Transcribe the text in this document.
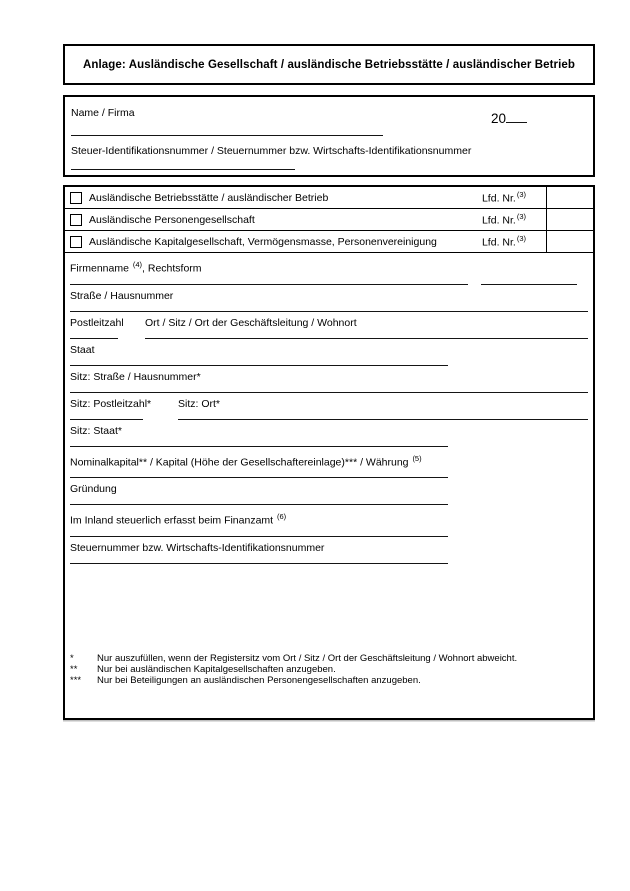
Anlage: Ausländische Gesellschaft / ausländische Betriebsstätte / ausländischer Betrieb
Name / Firma
Steuer-Identifikationsnummer / Steuernummer bzw. Wirtschafts-Identifikationsnummer
20
Ausländische Betriebsstätte / ausländischer Betrieb	Lfd. Nr.$^{(3)}$
Ausländische Personengesellschaft	Lfd. Nr.$^{(3)}$
Ausländische Kapitalgesellschaft, Vermögensmasse, Personenvereinigung	Lfd. Nr.$^{(3)}$
Firmenname $^{(4)}$, Rechtsform
Straße / Hausnummer
Postleitzahl	Ort / Sitz / Ort der Geschäftsleitung / Wohnort
Staat
Sitz: Straße / Hausnummer*
Sitz: Postleitzahl*	Sitz: Ort*
Sitz: Staat*
Nominalkapital** / Kapital (Höhe der Gesellschaftereinlage)*** / Währung $^{(5)}$
Gründung
Im Inland steuerlich erfasst beim Finanzamt $^{(6)}$
Steuernummer bzw. Wirtschafts-Identifikationsnummer
*	Nur auszufüllen, wenn der Registersitz vom Ort / Sitz / Ort der Geschäftsleitung / Wohnort abweicht.
**	Nur bei ausländischen Kapitalgesellschaften anzugeben.
***	Nur bei Beteiligungen an ausländischen Personengesellschaften anzugeben.
